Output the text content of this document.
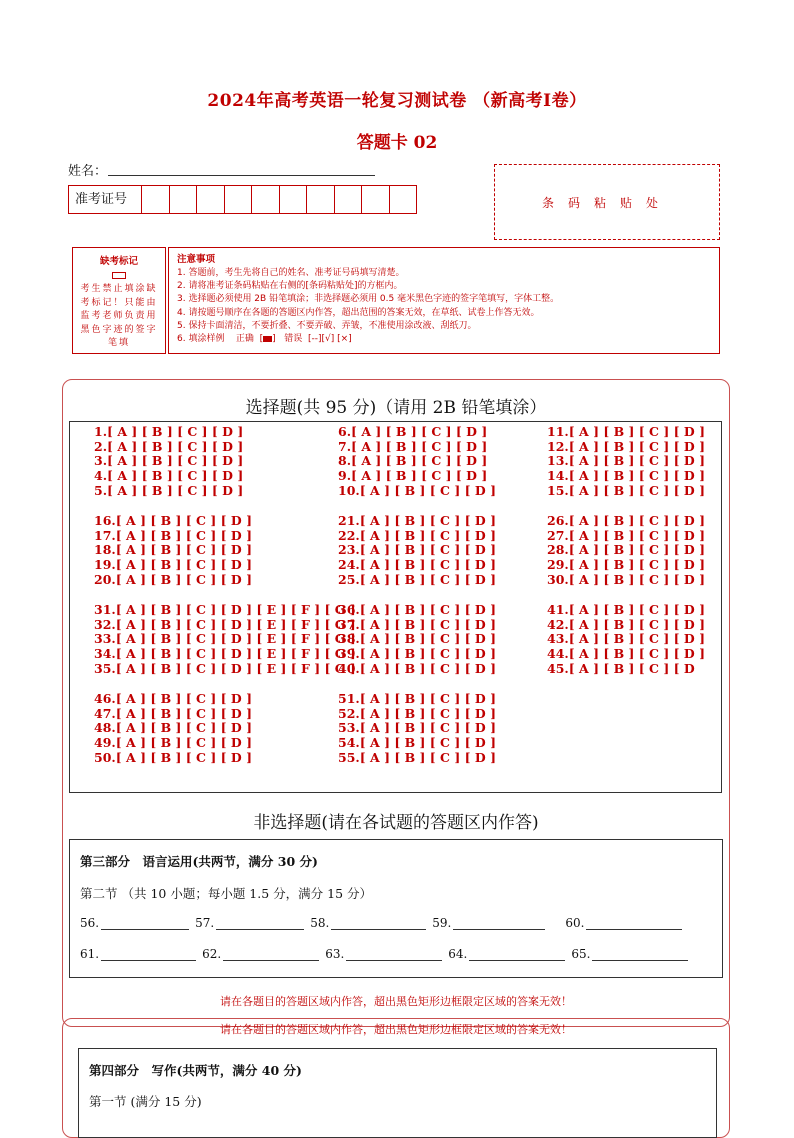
2024年高考英语一轮复习测试卷 （新高考Ⅰ卷）
答题卡 02
姓名：
准考证号	条码粘贴处
缺考标记
考生禁止填涂缺考标记！只能由监考老师负责用黑色字迹的签字笔填
注意事项
1. 答题前，考生先将自己的姓名、准考证号码填写清楚。
2. 请将准考证条码粘贴在右侧的[条码粘贴处]的方框内。
3. 选择题必须使用 2B 铅笔填涂；非选择题必须用 0.5 毫米黑色字迹的签字笔填写，字体工整。
4. 请按题号顺序在各题的答题区内作答，超出范围的答案无效，在草纸、试卷上作答无效。
5. 保持卡面清洁，不要折叠、不要弄破、弄皱，不准使用涂改液、刮纸刀。
6. 填涂样例 正确  [ ]   错误 [--][√] [×]
选择题(共 95 分)（请用 2B 铅笔填涂）
1.[ A ] [ B ] [ C ] [ D ]
2.[ A ] [ B ] [ C ] [ D ]
3.[ A ] [ B ] [ C ] [ D ]
4.[ A ] [ B ] [ C ] [ D ]
5.[ A ] [ B ] [ C ] [ D ]
16.[ A ] [ B ] [ C ] [ D ]
17.[ A ] [ B ] [ C ] [ D ]
18.[ A ] [ B ] [ C ] [ D ]
19.[ A ] [ B ] [ C ] [ D ]
20.[ A ] [ B ] [ C ] [ D ]
31.[ A ] [ B ] [ C ] [ D ] [ E ] [ F ] [ G ]
32.[ A ] [ B ] [ C ] [ D ] [ E ] [ F ] [ G ]
33.[ A ] [ B ] [ C ] [ D ] [ E ] [ F ] [ G ]
34.[ A ] [ B ] [ C ] [ D ] [ E ] [ F ] [ G ]
35.[ A ] [ B ] [ C ] [ D ] [ E ] [ F ] [ G ]
46.[ A ] [ B ] [ C ] [ D ]
47.[ A ] [ B ] [ C ] [ D ]
48.[ A ] [ B ] [ C ] [ D ]
49.[ A ] [ B ] [ C ] [ D ]
50.[ A ] [ B ] [ C ] [ D ]
6.[ A ] [ B ] [ C ] [ D ]
7.[ A ] [ B ] [ C ] [ D ]
8.[ A ] [ B ] [ C ] [ D ]
9.[ A ] [ B ] [ C ] [ D ]
10.[ A ] [ B ] [ C ] [ D ]
21.[ A ] [ B ] [ C ] [ D ]
22.[ A ] [ B ] [ C ] [ D ]
23.[ A ] [ B ] [ C ] [ D ]
24.[ A ] [ B ] [ C ] [ D ]
25.[ A ] [ B ] [ C ] [ D ]
36.[ A ] [ B ] [ C ] [ D ]
37.[ A ] [ B ] [ C ] [ D ]
38.[ A ] [ B ] [ C ] [ D ]
39.[ A ] [ B ] [ C ] [ D ]
40.[ A ] [ B ] [ C ] [ D ]
51.[ A ] [ B ] [ C ] [ D ]
52.[ A ] [ B ] [ C ] [ D ]
53.[ A ] [ B ] [ C ] [ D ]
54.[ A ] [ B ] [ C ] [ D ]
55.[ A ] [ B ] [ C ] [ D ]
11.[ A ] [ B ] [ C ] [ D ]
12.[ A ] [ B ] [ C ] [ D ]
13.[ A ] [ B ] [ C ] [ D ]
14.[ A ] [ B ] [ C ] [ D ]
15.[ A ] [ B ] [ C ] [ D ]
26.[ A ] [ B ] [ C ] [ D ]
27.[ A ] [ B ] [ C ] [ D ]
28.[ A ] [ B ] [ C ] [ D ]
29.[ A ] [ B ] [ C ] [ D ]
30.[ A ] [ B ] [ C ] [ D ]
41.[ A ] [ B ] [ C ] [ D ]
42.[ A ] [ B ] [ C ] [ D ]
43.[ A ] [ B ] [ C ] [ D ]
44.[ A ] [ B ] [ C ] [ D ]
45.[ A ] [ B ] [ C ] [ D
非选择题(请在各试题的答题区内作答)
第三部分　语言运用(共两节，满分 30 分)
第二节 （共 10 小题；每小题 1.5 分，满分 15 分）
56.	57.	58.	59.	60.
61.	62.	63.	64.	65.
请在各题目的答题区域内作答，超出黑色矩形边框限定区域的答案无效！
请在各题目的答题区域内作答，超出黑色矩形边框限定区域的答案无效！
第四部分　写作(共两节，满分 40 分)
第一节 (满分 15 分)
